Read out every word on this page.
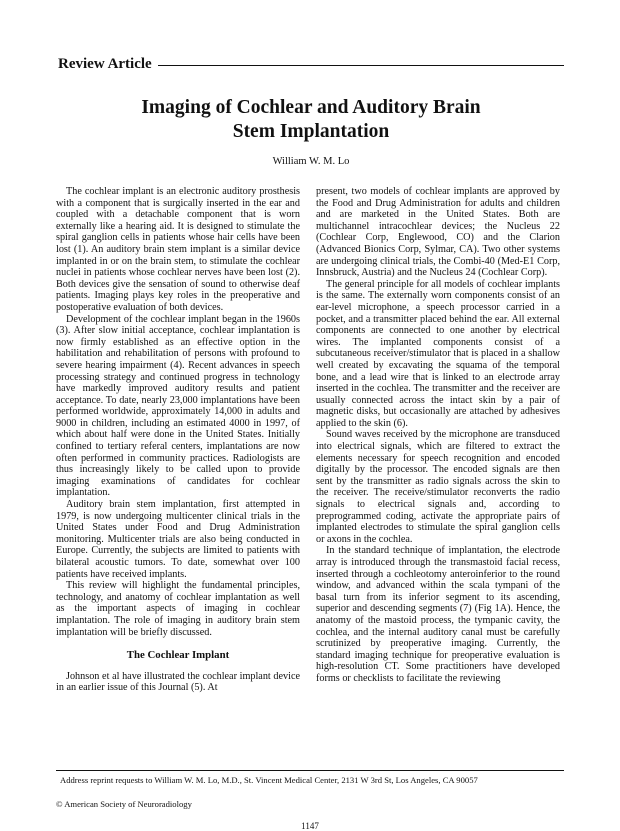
Review Article
Imaging of Cochlear and Auditory Brain
Stem Implantation
William W. M. Lo

The cochlear implant is an electronic auditory prosthesis with a component that is surgically inserted in the ear and coupled with a detachable component that is worn externally like a hearing aid. It is designed to stimulate the spiral ganglion cells in patients whose hair cells have been lost (1). An auditory brain stem implant is a similar device implanted in or on the brain stem, to stimulate the cochlear nuclei in patients whose cochlear nerves have been lost (2). Both devices give the sensation of sound to otherwise deaf patients. Imaging plays key roles in the preoperative and postoperative evaluation of both devices.

Development of the cochlear implant began in the 1960s (3). After slow initial acceptance, cochlear implantation is now firmly established as an effective option in the habilitation and rehabilitation of persons with profound to severe hearing impairment (4). Recent advances in speech processing strategy and continued progress in technology have markedly improved auditory results and patient acceptance. To date, nearly 23,000 implantations have been performed worldwide, approximately 14,000 in adults and 9000 in children, including an estimated 4000 in 1997, of which about half were done in the United States. Initially confined to tertiary referal centers, implantations are now often performed in community practices. Radiologists are thus increasingly likely to be called upon to provide imaging examinations of candidates for cochlear implantation.

Auditory brain stem implantation, first attempted in 1979, is now undergoing multicenter clinical trials in the United States under Food and Drug Administration monitoring. Multicenter trials are also being conducted in Europe. Currently, the subjects are limited to patients with bilateral acoustic tumors. To date, somewhat over 100 patients have received implants.

This review will highlight the fundamental principles, technology, and anatomy of cochlear implantation as well as the important aspects of imaging in cochlear implantation. The role of imaging in auditory brain stem implantation will be briefly discussed.

The Cochlear Implant

Johnson et al have illustrated the cochlear implant device in an earlier issue of this Journal (5). At

present, two models of cochlear implants are approved by the Food and Drug Administration for adults and children and are marketed in the United States. Both are multichannel intracochlear devices; the Nucleus 22 (Cochlear Corp, Englewood, CO) and the Clarion (Advanced Bionics Corp, Sylmar, CA). Two other systems are undergoing clinical trials, the Combi-40 (Med-E1 Corp, Innsbruck, Austria) and the Nucleus 24 (Cochlear Corp).

The general principle for all models of cochlear implants is the same. The externally worn components consist of an ear-level microphone, a speech processor carried in a pocket, and a transmitter placed behind the ear. All external components are connected to one another by electrical wires. The implanted components consist of a subcutaneous receiver/stimulator that is placed in a shallow well created by excavating the squama of the temporal bone, and a lead wire that is linked to an electrode array inserted in the cochlea. The transmitter and the receiver are usually connected across the intact skin by a pair of magnetic disks, but occasionally are attached by adhesives applied to the skin (6).

Sound waves received by the microphone are transduced into electrical signals, which are filtered to extract the elements necessary for speech recognition and encoded digitally by the processor. The encoded signals are then sent by the transmitter as radio signals across the skin to the receiver. The receive/stimulator reconverts the radio signals to electrical signals and, according to preprogrammed coding, activate the appropriate pairs of implanted electrodes to stimulate the spiral ganglion cells or axons in the cochlea.

In the standard technique of implantation, the electrode array is introduced through the transmastoid facial recess, inserted through a cochleotomy anteroinferior to the round window, and advanced within the scala tympani of the basal turn from its inferior segment to its ascending, superior and descending segments (7) (Fig 1A). Hence, the anatomy of the mastoid process, the tympanic cavity, the cochlea, and the internal auditory canal must be carefully scrutinized by preoperative imaging. Currently, the standard imaging technique for preoperative evaluation is high-resolution CT. Some practitioners have developed forms or checklists to facilitate the reviewing

Address reprint requests to William W. M. Lo, M.D., St. Vincent Medical Center, 2131 W 3rd St, Los Angeles, CA 90057
© American Society of Neuroradiology
1147
